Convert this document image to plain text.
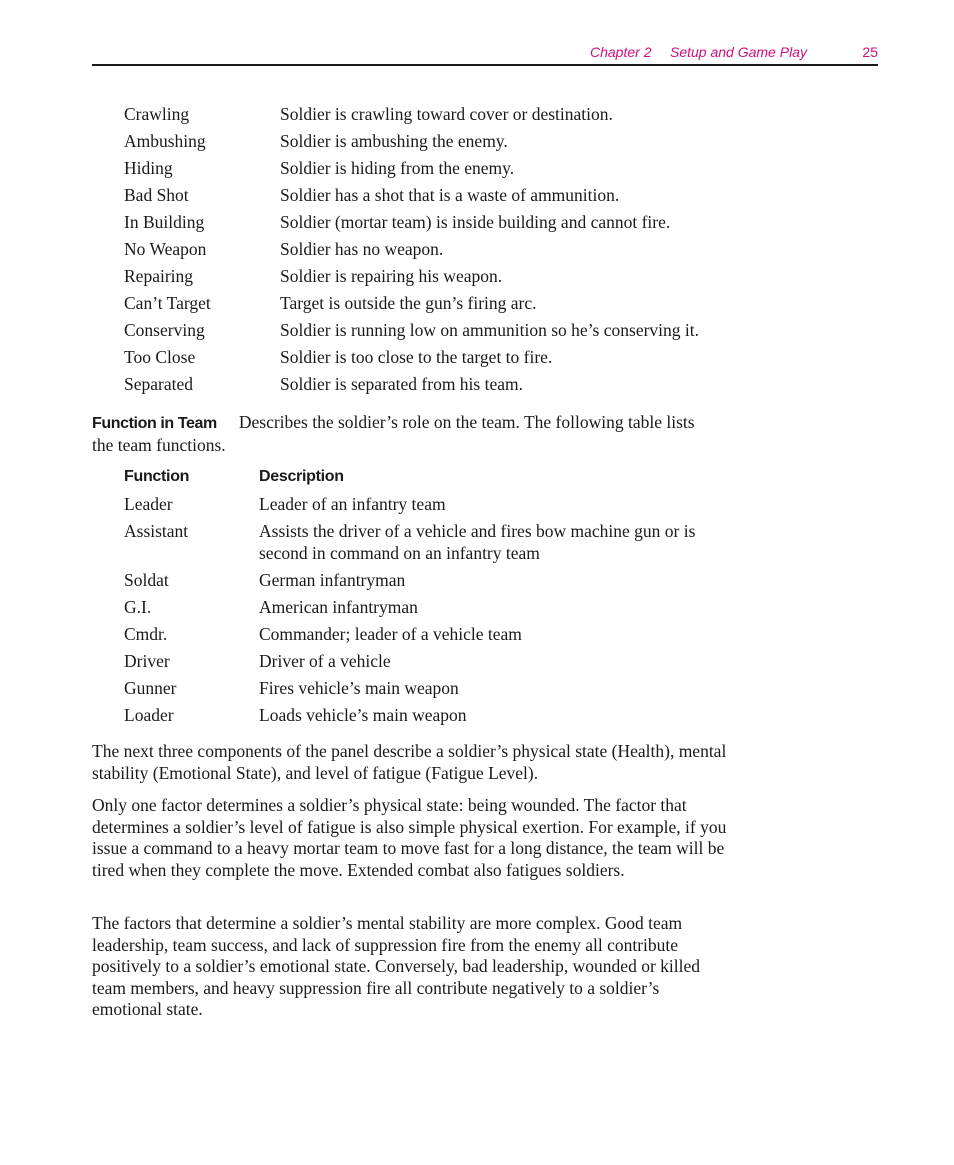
Chapter 2 Setup and Game Play	25
Crawling	Soldier is crawling toward cover or destination.
Ambushing	Soldier is ambushing the enemy.
Hiding	Soldier is hiding from the enemy.
Bad Shot	Soldier has a shot that is a waste of ammunition.
In Building	Soldier (mortar team) is inside building and cannot fire.
No Weapon	Soldier has no weapon.
Repairing	Soldier is repairing his weapon.
Can’t Target	Target is outside the gun’s firing arc.
Conserving	Soldier is running low on ammunition so he’s conserving it.
Too Close	Soldier is too close to the target to fire.
Separated	Soldier is separated from his team.
Function in Team Describes the soldier’s role on the team. The following table lists the team functions.
Function	Description
Leader	Leader of an infantry team
Assistant	Assists the driver of a vehicle and fires bow machine gun or is second in command on an infantry team
Soldat	German infantryman
G.I.	American infantryman
Cmdr.	Commander; leader of a vehicle team
Driver	Driver of a vehicle
Gunner	Fires vehicle’s main weapon
Loader	Loads vehicle’s main weapon
The next three components of the panel describe a soldier’s physical state (Health), mental stability (Emotional State), and level of fatigue (Fatigue Level).
Only one factor determines a soldier’s physical state: being wounded. The factor that determines a soldier’s level of fatigue is also simple physical exertion. For example, if you issue a command to a heavy mortar team to move fast for a long distance, the team will be tired when they complete the move. Extended combat also fatigues soldiers.
The factors that determine a soldier’s mental stability are more complex. Good team leadership, team success, and lack of suppression fire from the enemy all contribute positively to a soldier’s emotional state. Conversely, bad leadership, wounded or killed team members, and heavy suppression fire all contribute negatively to a soldier’s emotional state.
